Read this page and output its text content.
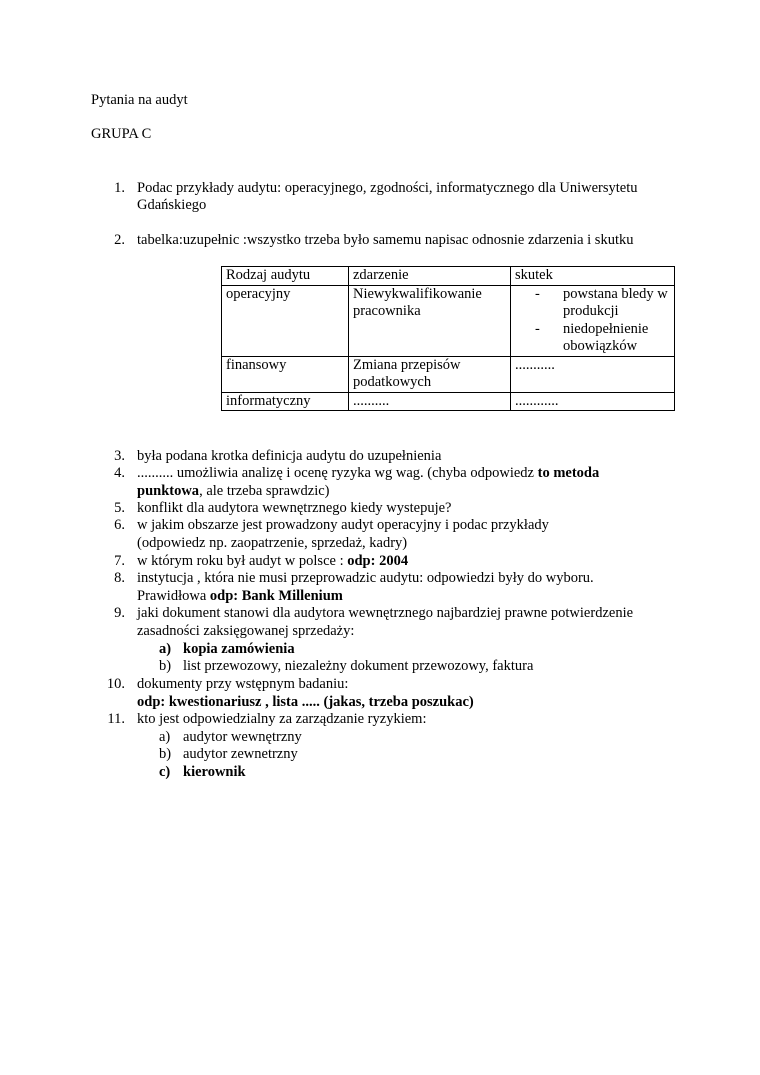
Pytania na audyt
GRUPA C
1. Podac przykłady audytu: operacyjnego, zgodności, informatycznego dla Uniwersytetu
Gdańskiego
2. tabelka:uzupełnic :wszystko trzeba było samemu napisac odnosnie zdarzenia i skutku
Rodzaj audytu	zdarzenie	skutek
operacyjny	Niewykwalifikowanie pracownika	- powstana bledy w produkcji
- niedopełnienie obowiązków

finansowy	Zmiana przepisów podatkowych	...........
informatyczny	..........	............
3. była podana krotka definicja audytu do uzupełnienia
4. .......... umożliwia analizę i ocenę ryzyka wg wag. (chyba odpowiedz to metoda
punktowa, ale trzeba sprawdzic)
5. konflikt dla audytora wewnętrznego kiedy wystepuje?
6. w jakim obszarze jest prowadzony audyt operacyjny i podac przykłady
(odpowiedz np. zaopatrzenie, sprzedaż, kadry)
7. w którym roku był audyt w polsce : odp: 2004
8. instytucja , która nie musi przeprowadzic audytu: odpowiedzi były do wyboru.
Prawidłowa odp: Bank Millenium
9. jaki dokument stanowi dla audytora wewnętrznego najbardziej prawne potwierdzenie
zasadności zaksięgowanej sprzedaży:
a) kopia zamówienia
b) list przewozowy, niezależny dokument przewozowy, faktura
10. dokumenty przy wstępnym badaniu:
odp: kwestionariusz , lista ..... (jakas, trzeba poszukac)
11. kto jest odpowiedzialny za zarządzanie ryzykiem:
a) audytor wewnętrzny
b) audytor zewnetrzny
c) kierownik
